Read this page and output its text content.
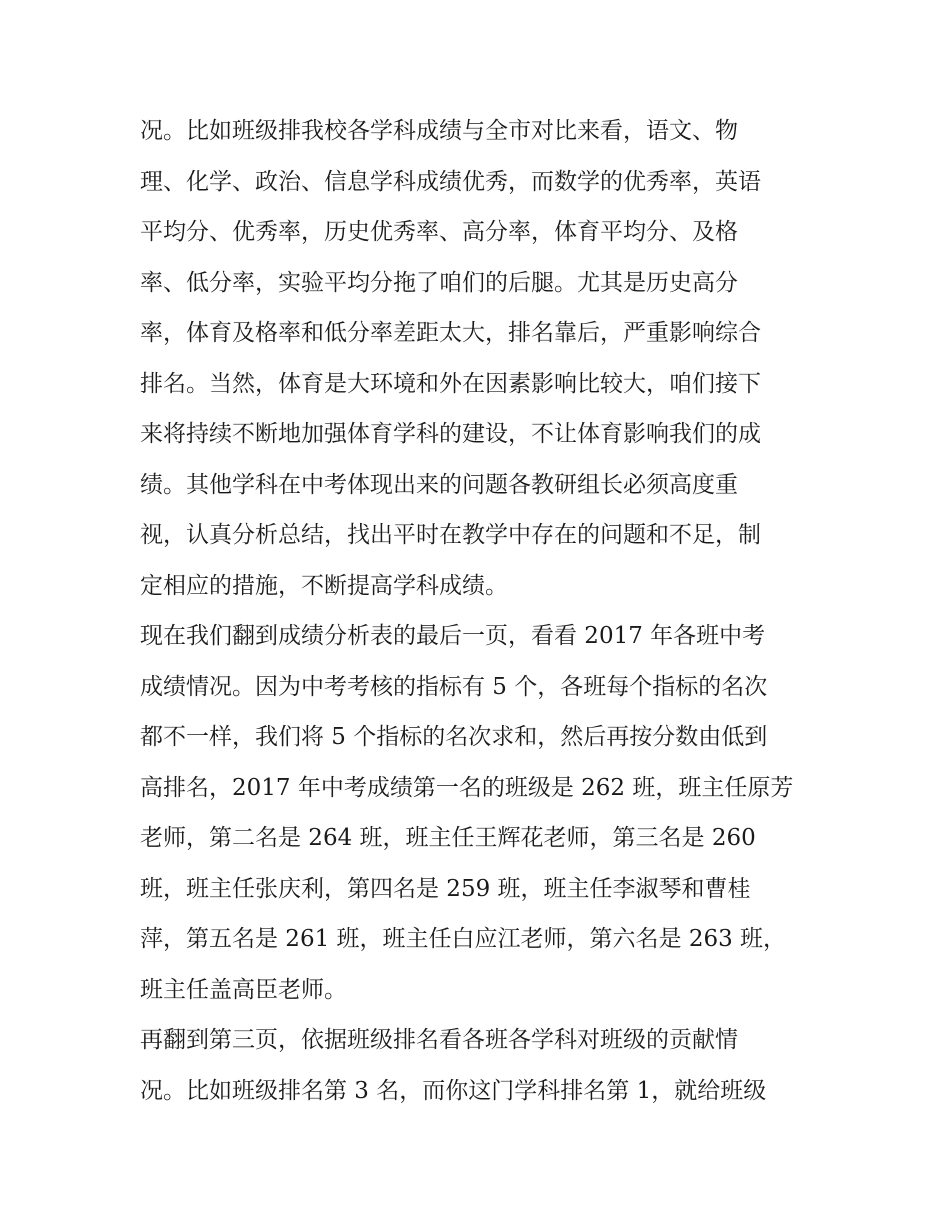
况。比如班级排我校各学科成绩与全市对比来看，语文、物
理、化学、政治、信息学科成绩优秀，而数学的优秀率，英语
平均分、优秀率，历史优秀率、高分率，体育平均分、及格
率、低分率，实验平均分拖了咱们的后腿。尤其是历史高分
率，体育及格率和低分率差距太大，排名靠后，严重影响综合
排名。当然，体育是大环境和外在因素影响比较大，咱们接下
来将持续不断地加强体育学科的建设，不让体育影响我们的成
绩。其他学科在中考体现出来的问题各教研组长必须高度重
视，认真分析总结，找出平时在教学中存在的问题和不足，制
定相应的措施，不断提高学科成绩。
现在我们翻到成绩分析表的最后一页，看看 2017 年各班中考
成绩情况。因为中考考核的指标有 5 个，各班每个指标的名次
都不一样，我们将 5 个指标的名次求和，然后再按分数由低到
高排名，2017 年中考成绩第一名的班级是 262 班，班主任原芳
老师，第二名是 264 班，班主任王辉花老师，第三名是 260
班，班主任张庆利，第四名是 259 班，班主任李淑琴和曹桂
萍，第五名是 261 班，班主任白应江老师，第六名是 263 班，
班主任盖高臣老师。
再翻到第三页，依据班级排名看各班各学科对班级的贡献情
况。比如班级排名第 3 名，而你这门学科排名第 1，就给班级
